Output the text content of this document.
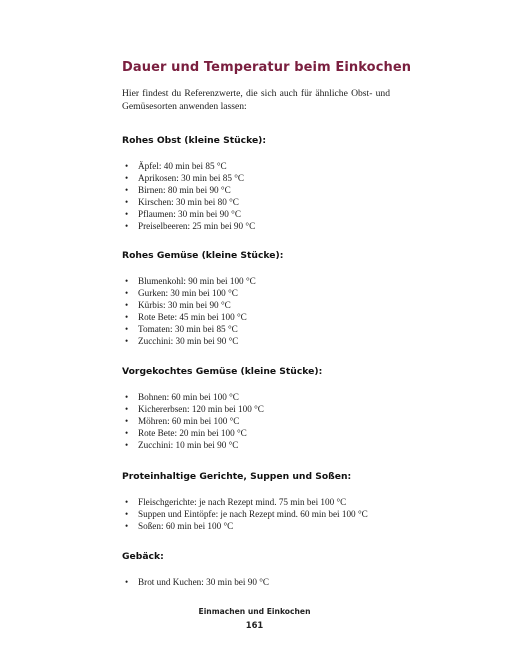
Dauer und Temperatur beim Einkochen

Hier findest du Referenzwerte, die sich auch für ähnliche Obst- und Gemüsesorten anwenden lassen:

Rohes Obst (kleine Stücke):
• Äpfel: 40 min bei 85 °C
• Aprikosen: 30 min bei 85 °C
• Birnen: 80 min bei 90 °C
• Kirschen: 30 min bei 80 °C
• Pflaumen: 30 min bei 90 °C
• Preiselbeeren: 25 min bei 90 °C
Rohes Gemüse (kleine Stücke):
• Blumenkohl: 90 min bei 100 °C
• Gurken: 30 min bei 100 °C
• Kürbis: 30 min bei 90 °C
• Rote Bete: 45 min bei 100 °C
• Tomaten: 30 min bei 85 °C
• Zucchini: 30 min bei 90 °C
Vorgekochtes Gemüse (kleine Stücke):
• Bohnen: 60 min bei 100 °C
• Kichererbsen: 120 min bei 100 °C
• Möhren: 60 min bei 100 °C
• Rote Bete: 20 min bei 100 °C
• Zucchini: 10 min bei 90 °C
Proteinhaltige Gerichte, Suppen und Soßen:
• Fleischgerichte: je nach Rezept mind. 75 min bei 100 °C
• Suppen und Eintöpfe: je nach Rezept mind. 60 min bei 100 °C
• Soßen: 60 min bei 100 °C
Gebäck:
• Brot und Kuchen: 30 min bei 90 °C
Einmachen und Einkochen
161
